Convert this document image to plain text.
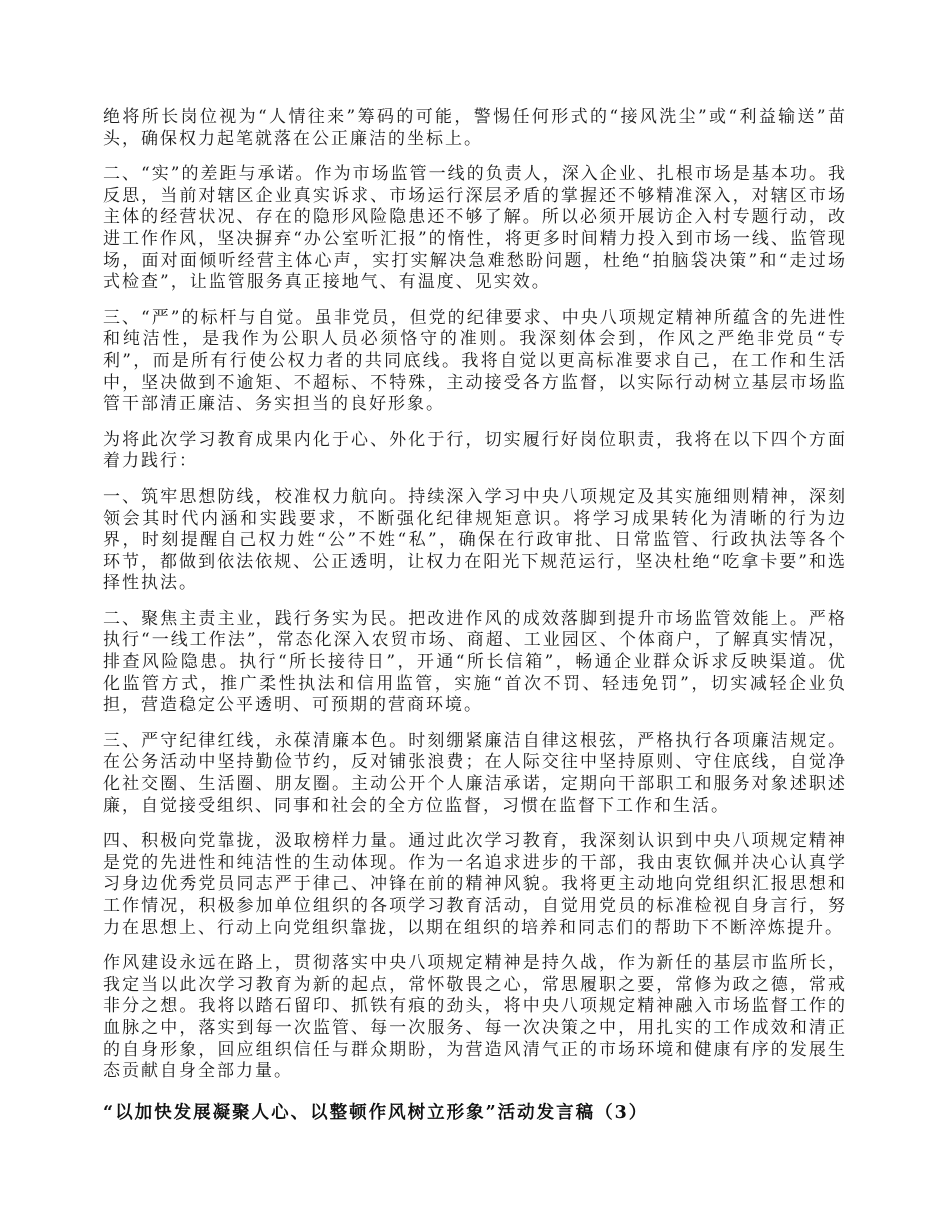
绝将所长岗位视为“人情往来”筹码的可能，警惕任何形式的“接风洗尘”或“利益输送”苗头，确保权力起笔就落在公正廉洁的坐标上。

二、“实”的差距与承诺。作为市场监管一线的负责人，深入企业、扎根市场是基本功。我反思，当前对辖区企业真实诉求、市场运行深层矛盾的掌握还不够精准深入，对辖区市场主体的经营状况、存在的隐形风险隐患还不够了解。所以必须开展访企入村专题行动，改进工作作风，坚决摒弃“办公室听汇报”的惰性，将更多时间精力投入到市场一线、监管现场，面对面倾听经营主体心声，实打实解决急难愁盼问题，杜绝“拍脑袋决策”和“走过场式检查”，让监管服务真正接地气、有温度、见实效。

三、“严”的标杆与自觉。虽非党员，但党的纪律要求、中央八项规定精神所蕴含的先进性和纯洁性，是我作为公职人员必须恪守的准则。我深刻体会到，作风之严绝非党员“专利”，而是所有行使公权力者的共同底线。我将自觉以更高标准要求自己，在工作和生活中，坚决做到不逾矩、不超标、不特殊，主动接受各方监督，以实际行动树立基层市场监管干部清正廉洁、务实担当的良好形象。

为将此次学习教育成果内化于心、外化于行，切实履行好岗位职责，我将在以下四个方面着力践行：

一、筑牢思想防线，校准权力航向。持续深入学习中央八项规定及其实施细则精神，深刻领会其时代内涵和实践要求，不断强化纪律规矩意识。将学习成果转化为清晰的行为边界，时刻提醒自己权力姓“公”不姓“私”，确保在行政审批、日常监管、行政执法等各个环节，都做到依法依规、公正透明，让权力在阳光下规范运行，坚决杜绝“吃拿卡要”和选择性执法。

二、聚焦主责主业，践行务实为民。把改进作风的成效落脚到提升市场监管效能上。严格执行“一线工作法”，常态化深入农贸市场、商超、工业园区、个体商户，了解真实情况，排查风险隐患。执行“所长接待日”，开通“所长信箱”，畅通企业群众诉求反映渠道。优化监管方式，推广柔性执法和信用监管，实施“首次不罚、轻违免罚”，切实减轻企业负担，营造稳定公平透明、可预期的营商环境。

三、严守纪律红线，永葆清廉本色。时刻绷紧廉洁自律这根弦，严格执行各项廉洁规定。在公务活动中坚持勤俭节约，反对铺张浪费；在人际交往中坚持原则、守住底线，自觉净化社交圈、生活圈、朋友圈。主动公开个人廉洁承诺，定期向干部职工和服务对象述职述廉，自觉接受组织、同事和社会的全方位监督，习惯在监督下工作和生活。

四、积极向党靠拢，汲取榜样力量。通过此次学习教育，我深刻认识到中央八项规定精神是党的先进性和纯洁性的生动体现。作为一名追求进步的干部，我由衷钦佩并决心认真学习身边优秀党员同志严于律己、冲锋在前的精神风貌。我将更主动地向党组织汇报思想和工作情况，积极参加单位组织的各项学习教育活动，自觉用党员的标准检视自身言行，努力在思想上、行动上向党组织靠拢，以期在组织的培养和同志们的帮助下不断淬炼提升。

作风建设永远在路上，贯彻落实中央八项规定精神是持久战，作为新任的基层市监所长，我定当以此次学习教育为新的起点，常怀敬畏之心，常思履职之要，常修为政之德，常戒非分之想。我将以踏石留印、抓铁有痕的劲头，将中央八项规定精神融入市场监督工作的血脉之中，落实到每一次监管、每一次服务、每一次决策之中，用扎实的工作成效和清正的自身形象，回应组织信任与群众期盼，为营造风清气正的市场环境和健康有序的发展生态贡献自身全部力量。

“以加快发展凝聚人心、以整顿作风树立形象”活动发言稿（3）
